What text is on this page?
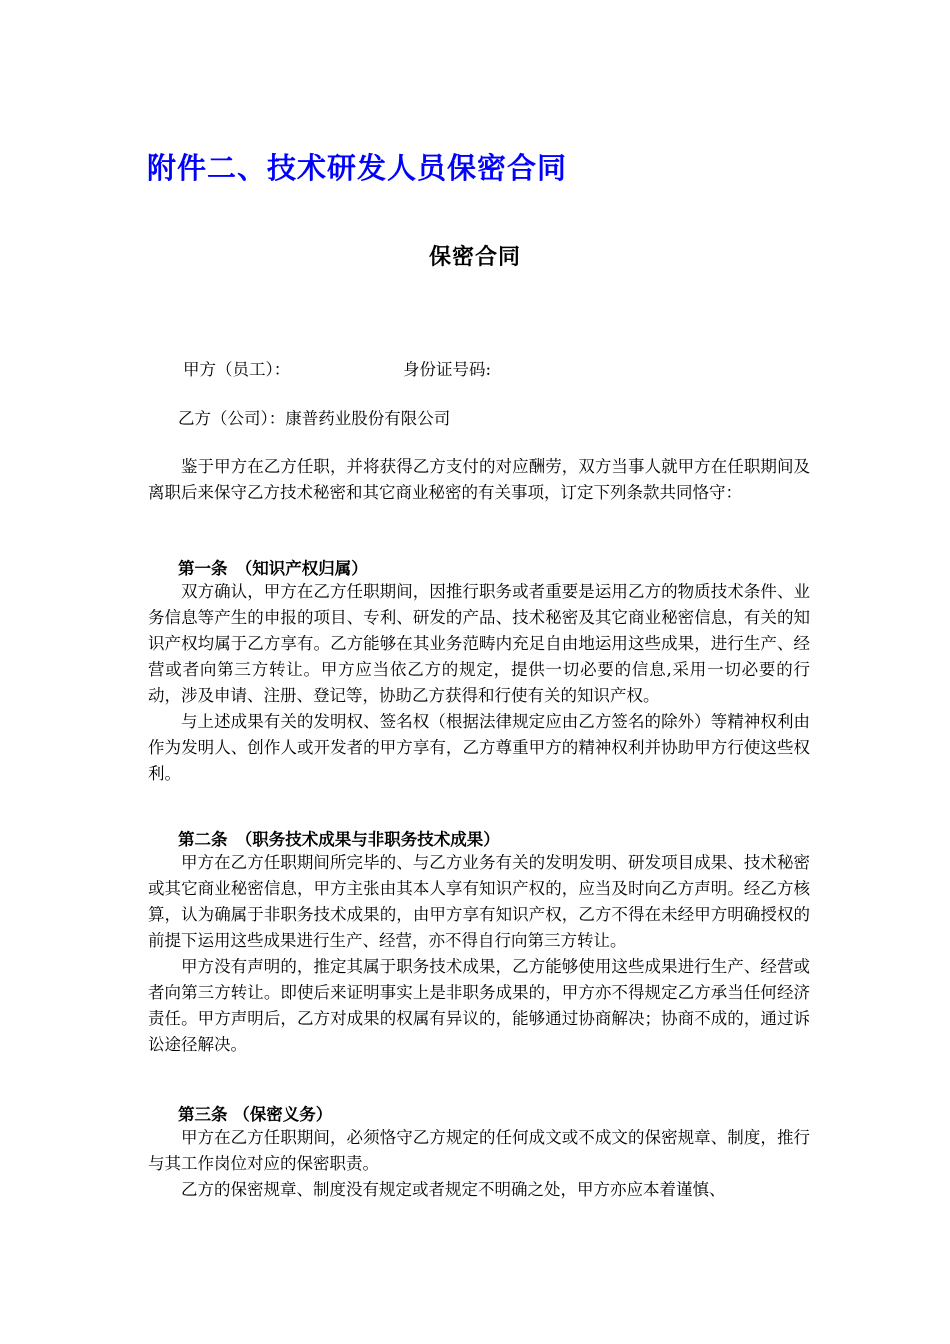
附件二、技术研发人员保密合同
保密合同
甲方（员工）：	身份证号码:
乙方（公司）：康普药业股份有限公司

鉴于甲方在乙方任职，并将获得乙方支付的对应酬劳，双方当事人就甲方在任职期间及离职后来保守乙方技术秘密和其它商业秘密的有关事项，订定下列条款共同恪守：

第一条　（知识产权归属）

双方确认，甲方在乙方任职期间，因推行职务或者重要是运用乙方的物质技术条件、业务信息等产生的申报的项目、专利、研发的产品、技术秘密及其它商业秘密信息，有关的知识产权均属于乙方享有。乙方能够在其业务范畴内充足自由地运用这些成果，进行生产、经营或者向第三方转让。甲方应当依乙方的规定，提供一切必要的信息,采用一切必要的行动，涉及申请、注册、登记等，协助乙方获得和行使有关的知识产权。

与上述成果有关的发明权、签名权（根据法律规定应由乙方签名的除外）等精神权利由作为发明人、创作人或开发者的甲方享有，乙方尊重甲方的精神权利并协助甲方行使这些权利。

第二条　（职务技术成果与非职务技术成果）

甲方在乙方任职期间所完毕的、与乙方业务有关的发明发明、研发项目成果、技术秘密或其它商业秘密信息，甲方主张由其本人享有知识产权的，应当及时向乙方声明。经乙方核算，认为确属于非职务技术成果的，由甲方享有知识产权，乙方不得在未经甲方明确授权的前提下运用这些成果进行生产、经营，亦不得自行向第三方转让。

甲方没有声明的，推定其属于职务技术成果，乙方能够使用这些成果进行生产、经营或者向第三方转让。即使后来证明事实上是非职务成果的，甲方亦不得规定乙方承当任何经济责任。甲方声明后，乙方对成果的权属有异议的，能够通过协商解决；协商不成的，通过诉讼途径解决。

第三条 （保密义务）

甲方在乙方任职期间，必须恪守乙方规定的任何成文或不成文的保密规章、制度，推行与其工作岗位对应的保密职责。

乙方的保密规章、制度没有规定或者规定不明确之处，甲方亦应本着谨慎、
